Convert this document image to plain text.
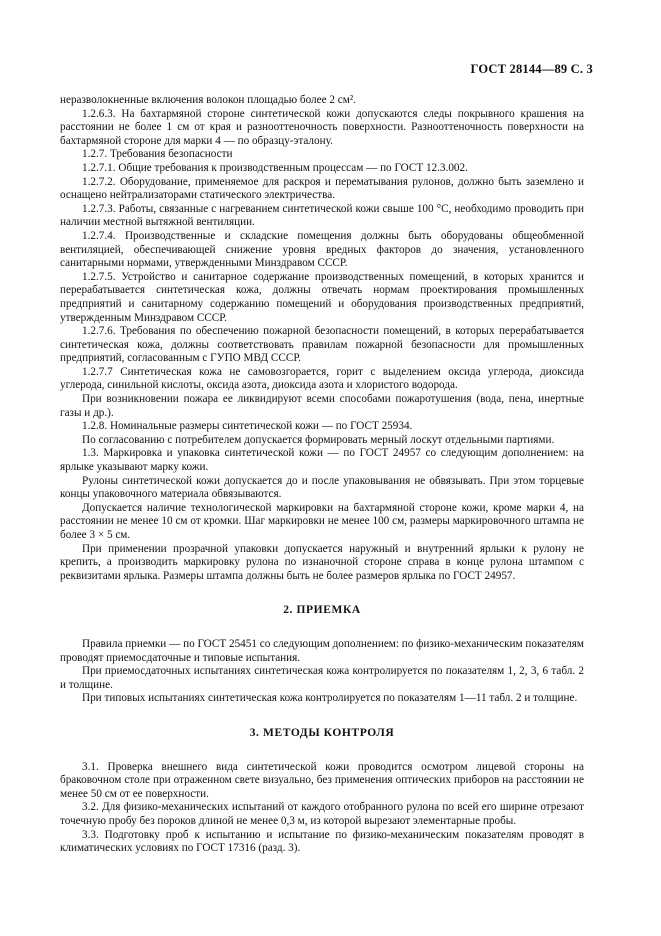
ГОСТ 28144—89 С. 3

неразволокненные включения волокон площадью более 2 см².

1.2.6.3. На бахтармяной стороне синтетической кожи допускаются следы покрывного крашения на расстоянии не более 1 см от края и разнооттеночность поверхности. Разнооттеночность поверхности на бахтармяной стороне для марки 4 — по образцу-эталону.

1.2.7. Требования безопасности

1.2.7.1. Общие требования к производственным процессам — по ГОСТ 12.3.002.

1.2.7.2. Оборудование, применяемое для раскроя и перематывания рулонов, должно быть заземлено и оснащено нейтрализаторами статического электричества.

1.2.7.3. Работы, связанные с нагреванием синтетической кожи свыше 100 °С, необходимо проводить при наличии местной вытяжной вентиляции.

1.2.7.4. Производственные и складские помещения должны быть оборудованы общеобменной вентиляцией, обеспечивающей снижение уровня вредных факторов до значения, установленного санитарными нормами, утвержденными Минздравом СССР.

1.2.7.5. Устройство и санитарное содержание производственных помещений, в которых хранится и перерабатывается синтетическая кожа, должны отвечать нормам проектирования промышленных предприятий и санитарному содержанию помещений и оборудования производственных предприятий, утвержденным Минздравом СССР.

1.2.7.6. Требования по обеспечению пожарной безопасности помещений, в которых перерабатывается синтетическая кожа, должны соответствовать правилам пожарной безопасности для промышленных предприятий, согласованным с ГУПО МВД СССР.

1.2.7.7 Синтетическая кожа не самовозгорается, горит с выделением оксида углерода, диоксида углерода, синильной кислоты, оксида азота, диоксида азота и хлористого водорода.

При возникновении пожара ее ликвидируют всеми способами пожаротушения (вода, пена, инертные газы и др.).

1.2.8. Номинальные размеры синтетической кожи — по ГОСТ 25934.

По согласованию с потребителем допускается формировать мерный лоскут отдельными партиями.

1.3. Маркировка и упаковка синтетической кожи — по ГОСТ 24957 со следующим дополнением: на ярлыке указывают марку кожи.

Рулоны синтетической кожи допускается до и после упаковывания не обвязывать. При этом торцевые концы упаковочного материала обвязываются.

Допускается наличие технологической маркировки на бахтармяной стороне кожи, кроме марки 4, на расстоянии не менее 10 см от кромки. Шаг маркировки не менее 100 см, размеры маркировочного штампа не более 3 × 5 см.

При применении прозрачной упаковки допускается наружный и внутренний ярлыки к рулону не крепить, а производить маркировку рулона по изнаночной стороне справа в конце рулона штампом с реквизитами ярлыка. Размеры штампа должны быть не более размеров ярлыка по ГОСТ 24957.

2. ПРИЕМКА

Правила приемки — по ГОСТ 25451 со следующим дополнением: по физико-механическим показателям проводят приемосдаточные и типовые испытания.

При приемосдаточных испытаниях синтетическая кожа контролируется по показателям 1, 2, 3, 6 табл. 2 и толщине.

При типовых испытаниях синтетическая кожа контролируется по показателям 1—11 табл. 2 и толщине.

3. МЕТОДЫ КОНТРОЛЯ

3.1. Проверка внешнего вида синтетической кожи проводится осмотром лицевой стороны на браковочном столе при отраженном свете визуально, без применения оптических приборов на расстоянии не менее 50 см от ее поверхности.

3.2. Для физико-механических испытаний от каждого отобранного рулона по всей его ширине отрезают точечную пробу без пороков длиной не менее 0,3 м, из которой вырезают элементарные пробы.

3.3. Подготовку проб к испытанию и испытание по физико-механическим показателям проводят в климатических условиях по ГОСТ 17316 (разд. 3).
